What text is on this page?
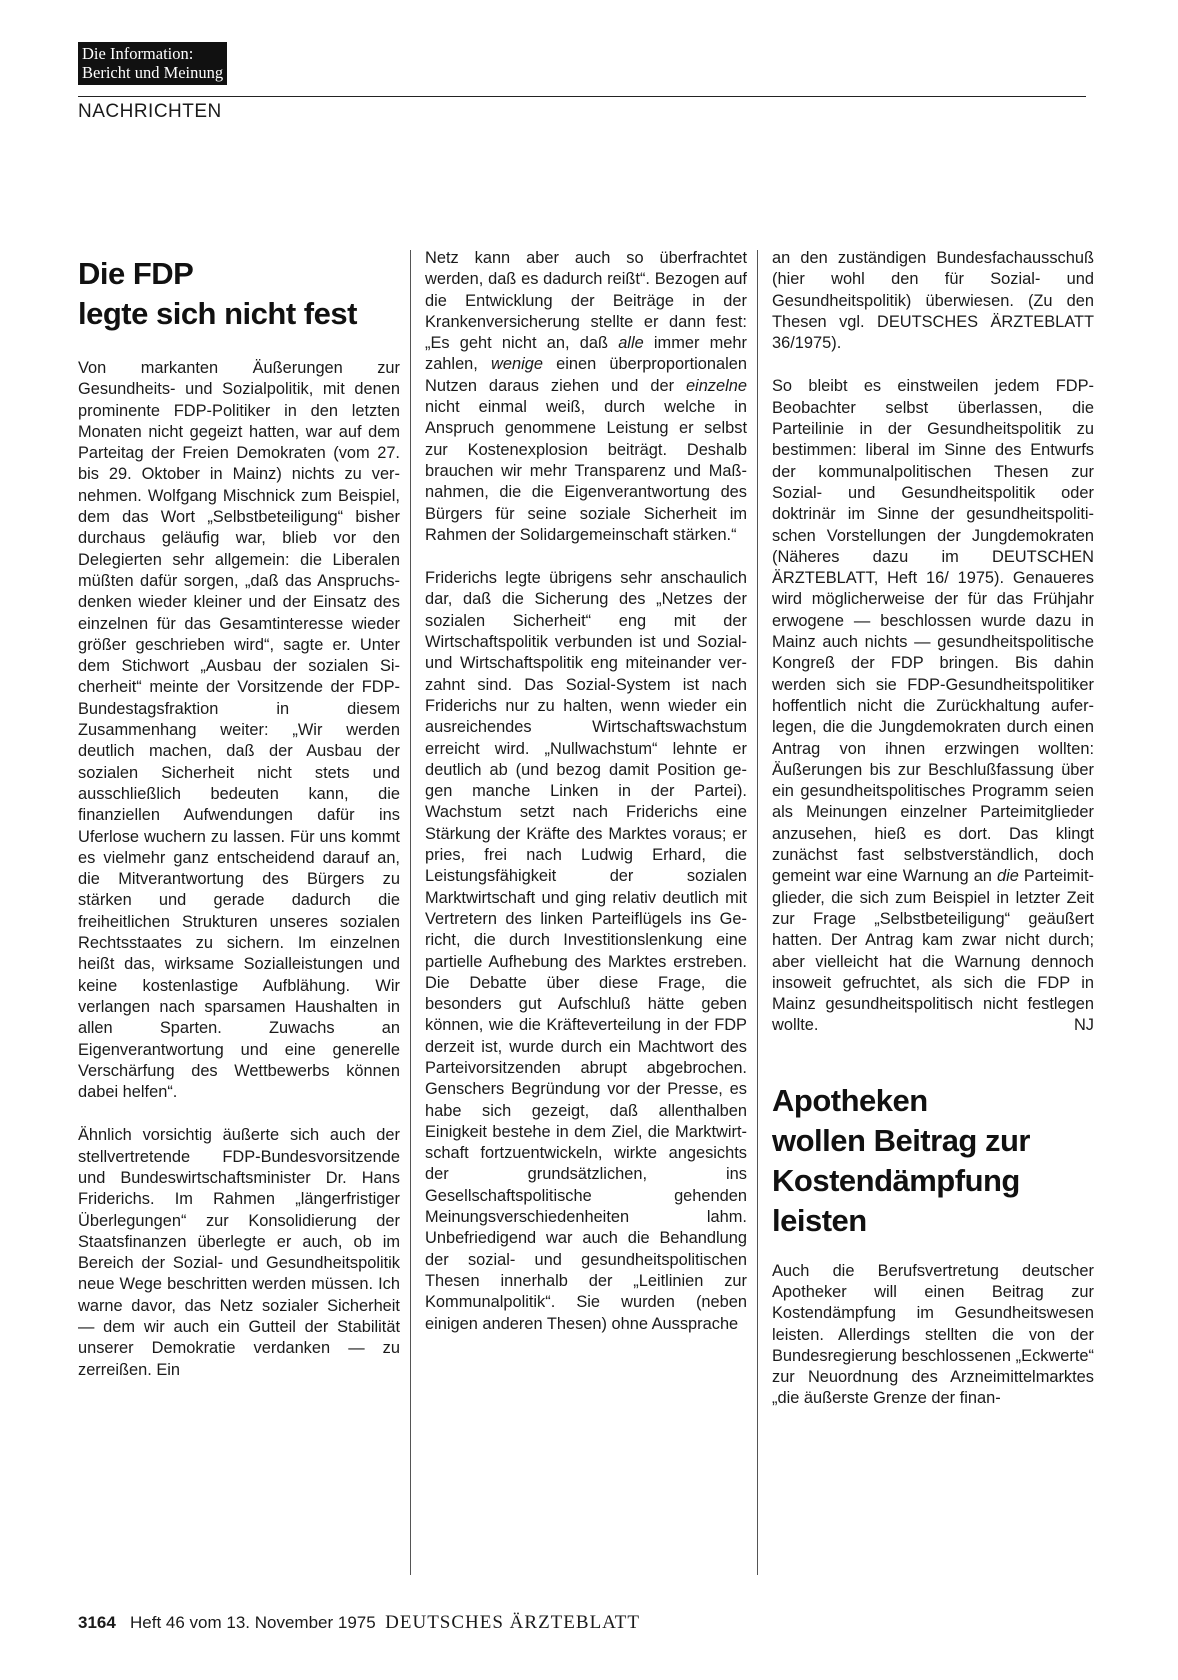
Die Information:
Bericht und Meinung
NACHRICHTEN
Die FDP
legte sich nicht fest

Von markanten Äußerungen zur Gesundheits- und Sozialpolitik, mit denen prominente FDP-Politiker in den letzten Monaten nicht gegeizt hatten, war auf dem Parteitag der Freien Demokraten (vom 27. bis 29. Oktober in Mainz) nichts zu vernehmen. Wolfgang Mischnick zum Beispiel, dem das Wort „Selbstbeteiligung“ bisher durchaus geläufig war, blieb vor den Delegierten sehr allgemein: die Liberalen müßten dafür sorgen, „daß das Anspruchsdenken wieder kleiner und der Einsatz des einzelnen für das Gesamtinteresse wieder größer geschrieben wird“, sagte er. Unter dem Stichwort „Ausbau der sozialen Sicherheit“ meinte der Vorsitzende der FDP-Bundestagsfraktion in diesem Zusammenhang weiter: „Wir werden deutlich machen, daß der Ausbau der sozialen Sicherheit nicht stets und ausschließlich bedeuten kann, die finanziellen Aufwendungen dafür ins Uferlose wuchern zu lassen. Für uns kommt es vielmehr ganz entscheidend darauf an, die Mitverantwortung des Bürgers zu stärken und gerade dadurch die freiheitlichen Strukturen unseres sozialen Rechtsstaates zu sichern. Im einzelnen heißt das, wirksame Sozialleistungen und keine kostenlastige Aufblähung. Wir verlangen nach sparsamen Haushalten in allen Sparten. Zuwachs an Eigenverantwortung und eine generelle Verschärfung des Wettbewerbs können dabei helfen“.

Ähnlich vorsichtig äußerte sich auch der stellvertretende FDP-Bundesvorsitzende und Bundeswirtschaftsminister Dr. Hans Friderichs. Im Rahmen „längerfristiger Überlegungen“ zur Konsolidierung der Staatsfinanzen überlegte er auch, ob im Bereich der Sozial- und Gesundheitspolitik neue Wege beschritten werden müssen. Ich warne davor, das Netz sozialer Sicherheit — dem wir auch ein Gutteil der Stabilität unserer Demokratie verdanken — zu zerreißen. Ein

Netz kann aber auch so überfrachtet werden, daß es dadurch reißt“. Bezogen auf die Entwicklung der Beiträge in der Krankenversicherung stellte er dann fest: „Es geht nicht an, daß alle immer mehr zahlen, wenige einen überproportionalen Nutzen daraus ziehen und der einzelne nicht einmal weiß, durch welche in Anspruch genommene Leistung er selbst zur Kostenexplosion beiträgt. Deshalb brauchen wir mehr Transparenz und Maßnahmen, die die Eigenverantwortung des Bürgers für seine soziale Sicherheit im Rahmen der Solidargemeinschaft stärken.“

Friderichs legte übrigens sehr anschaulich dar, daß die Sicherung des „Netzes der sozialen Sicherheit“ eng mit der Wirtschaftspolitik verbunden ist und Sozial- und Wirtschaftspolitik eng miteinander verzahnt sind. Das Sozial-System ist nach Friderichs nur zu halten, wenn wieder ein ausreichendes Wirtschaftswachstum erreicht wird. „Nullwachstum“ lehnte er deutlich ab (und bezog damit Position gegen manche Linken in der Partei). Wachstum setzt nach Friderichs eine Stärkung der Kräfte des Marktes voraus; er pries, frei nach Ludwig Erhard, die Leistungsfähigkeit der sozialen Marktwirtschaft und ging relativ deutlich mit Vertretern des linken Parteiflügels ins Gericht, die durch Investitionslenkung eine partielle Aufhebung des Marktes erstreben. Die Debatte über diese Frage, die besonders gut Aufschluß hätte geben können, wie die Kräfteverteilung in der FDP derzeit ist, wurde durch ein Machtwort des Parteivorsitzenden abrupt abgebrochen. Genschers Begründung vor der Presse, es habe sich gezeigt, daß allenthalben Einigkeit bestehe in dem Ziel, die Marktwirtschaft fortzuentwickeln, wirkte angesichts der grundsätzlichen, ins Gesellschaftspolitische gehenden Meinungsverschiedenheiten lahm. Unbefriedigend war auch die Behandlung der sozial- und gesundheitspolitischen Thesen innerhalb der „Leitlinien zur Kommunalpolitik“. Sie wurden (neben einigen anderen Thesen) ohne Aussprache

an den zuständigen Bundesfachausschuß (hier wohl den für Sozial- und Gesundheitspolitik) überwiesen. (Zu den Thesen vgl. DEUTSCHES ÄRZTEBLATT 36/1975).

So bleibt es einstweilen jedem FDP-Beobachter selbst überlassen, die Parteilinie in der Gesundheitspolitik zu bestimmen: liberal im Sinne des Entwurfs der kommunalpolitischen Thesen zur Sozial- und Gesundheitspolitik oder doktrinär im Sinne der gesundheitspolitischen Vorstellungen der Jungdemokraten (Näheres dazu im DEUTSCHEN ÄRZTEBLATT, Heft 16/ 1975). Genaueres wird möglicherweise der für das Frühjahr erwogene — beschlossen wurde dazu in Mainz auch nichts — gesundheitspolitische Kongreß der FDP bringen. Bis dahin werden sich sie FDP-Gesundheitspolitiker hoffentlich nicht die Zurückhaltung auferlegen, die die Jungdemokraten durch einen Antrag von ihnen erzwingen wollten: Äußerungen bis zur Beschlußfassung über ein gesundheitspolitisches Programm seien als Meinungen einzelner Parteimitglieder anzusehen, hieß es dort. Das klingt zunächst fast selbstverständlich, doch gemeint war eine Warnung an die Parteimitglieder, die sich zum Beispiel in letzter Zeit zur Frage „Selbstbeteiligung“ geäußert hatten. Der Antrag kam zwar nicht durch; aber vielleicht hat die Warnung dennoch insoweit gefruchtet, als sich die FDP in Mainz gesundheitspolitisch nicht festlegen wollte.	NJ

Apotheken
wollen Beitrag zur
Kostendämpfung
leisten

Auch die Berufsvertretung deutscher Apotheker will einen Beitrag zur Kostendämpfung im Gesundheitswesen leisten. Allerdings stellten die von der Bundesregierung beschlossenen „Eckwerte“ zur Neuordnung des Arzneimittelmarktes „die äußerste Grenze der finan-

3164 Heft 46 vom 13. November 1975 DEUTSCHES ÄRZTEBLATT
